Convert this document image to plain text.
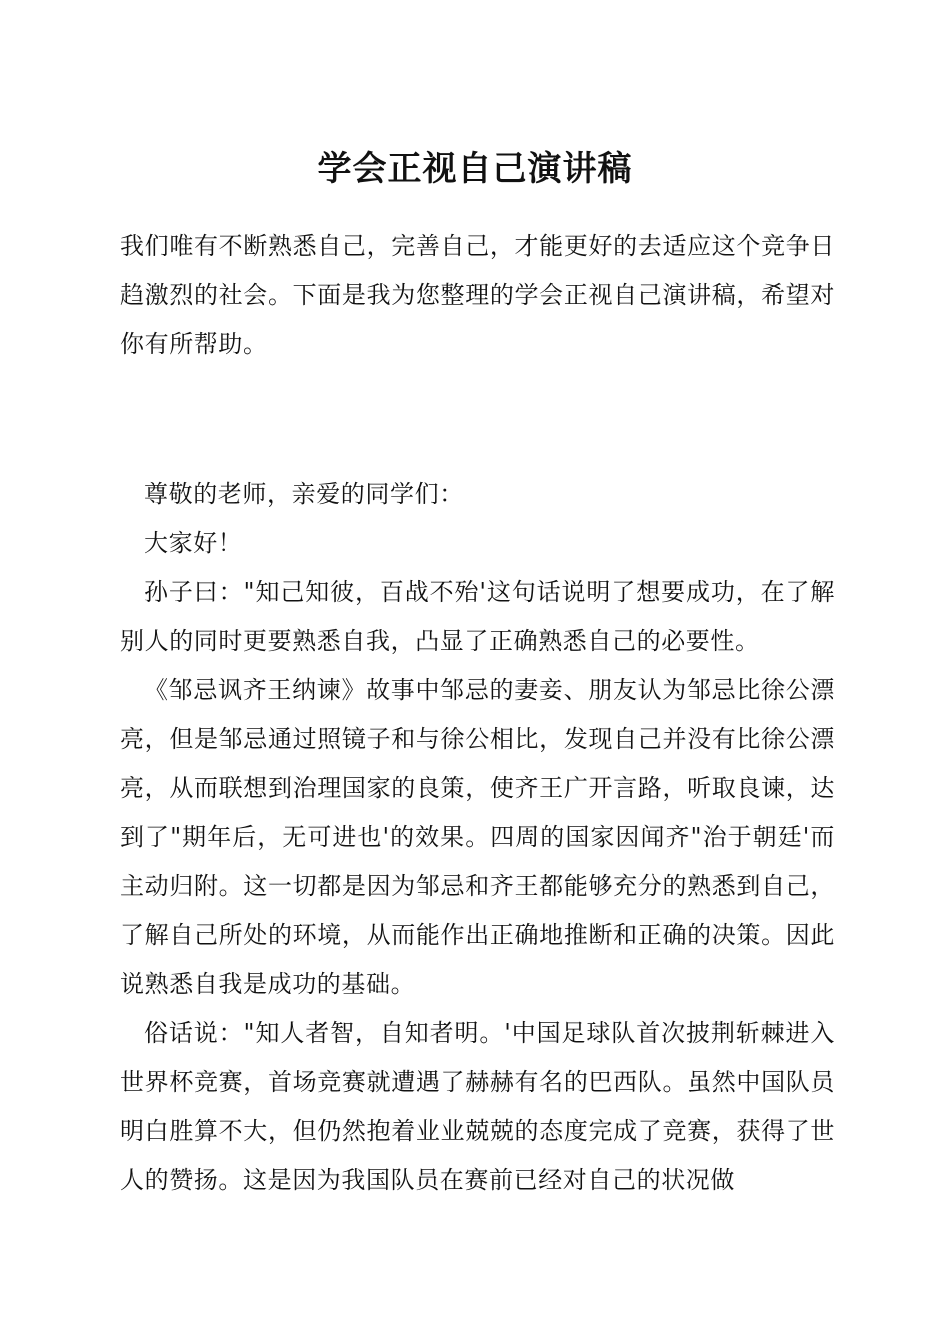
学会正视自己演讲稿

我们唯有不断熟悉自己，完善自己，才能更好的去适应这个竞争日趋激烈的社会。下面是我为您整理的学会正视自己演讲稿，希望对你有所帮助。

尊敬的老师，亲爱的同学们：

大家好！

孙子曰："知己知彼，百战不殆'这句话说明了想要成功，在了解别人的同时更要熟悉自我，凸显了正确熟悉自己的必要性。

《邹忌讽齐王纳谏》故事中邹忌的妻妾、朋友认为邹忌比徐公漂亮，但是邹忌通过照镜子和与徐公相比，发现自己并没有比徐公漂亮，从而联想到治理国家的良策，使齐王广开言路，听取良谏，达到了"期年后，无可进也'的效果。四周的国家因闻齐"治于朝廷'而主动归附。这一切都是因为邹忌和齐王都能够充分的熟悉到自己，了解自己所处的环境，从而能作出正确地推断和正确的决策。因此说熟悉自我是成功的基础。

俗话说："知人者智，自知者明。'中国足球队首次披荆斩棘进入世界杯竞赛，首场竞赛就遭遇了赫赫有名的巴西队。虽然中国队员明白胜算不大，但仍然抱着业业兢兢的态度完成了竞赛，获得了世人的赞扬。这是因为我国队员在赛前已经对自己的状况做
